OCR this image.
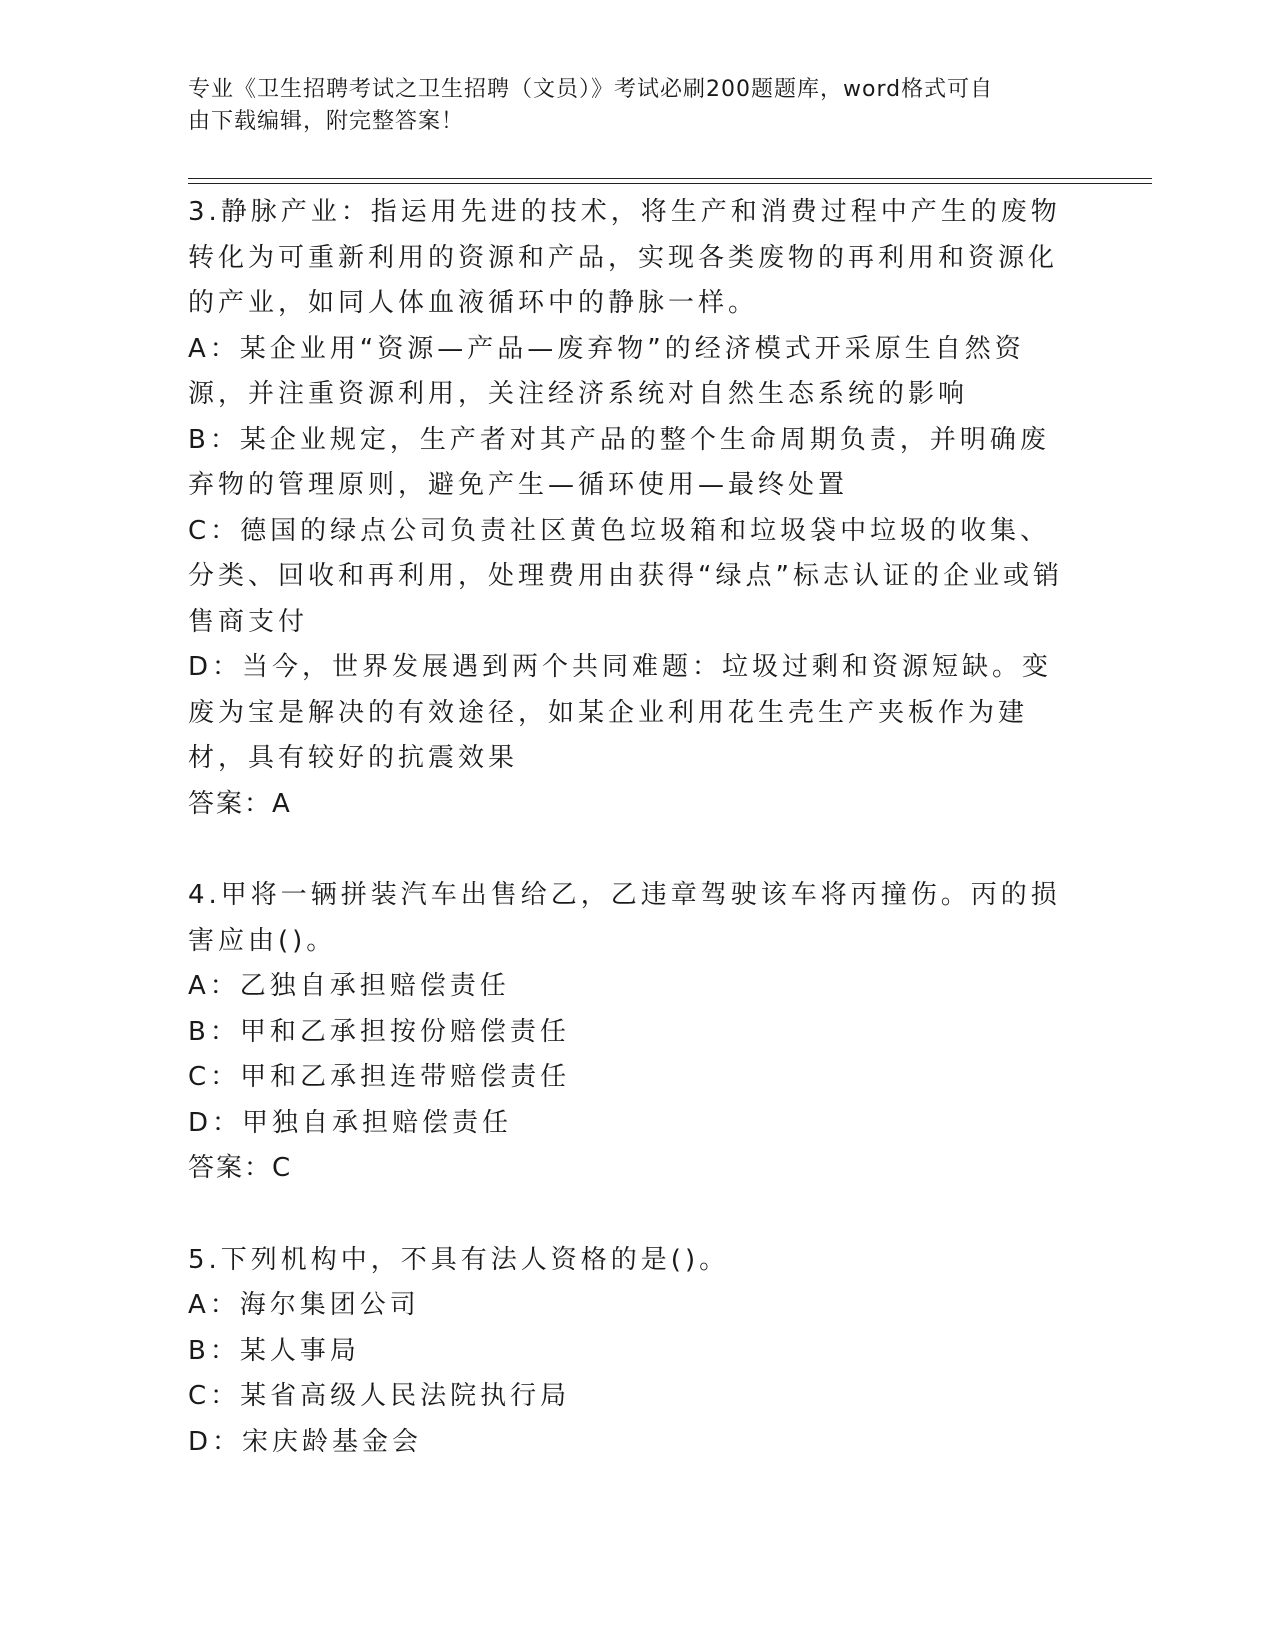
专业《卫生招聘考试之卫生招聘（文员）》考试必刷200题题库，word格式可自
由下载编辑，附完整答案！

3.静脉产业：指运用先进的技术，将生产和消费过程中产生的废物转化为可重新利用的资源和产品，实现各类废物的再利用和资源化的产业，如同人体血液循环中的静脉一样。

A：某企业用“资源—产品—废弃物”的经济模式开采原生自然资源，并注重资源利用，关注经济系统对自然生态系统的影响

B：某企业规定，生产者对其产品的整个生命周期负责，并明确废弃物的管理原则，避免产生—循环使用—最终处置

C：德国的绿点公司负责社区黄色垃圾箱和垃圾袋中垃圾的收集、分类、回收和再利用，处理费用由获得“绿点”标志认证的企业或销售商支付

D：当今，世界发展遇到两个共同难题：垃圾过剩和资源短缺。变废为宝是解决的有效途径，如某企业利用花生壳生产夹板作为建材，具有较好的抗震效果

答案：A

4.甲将一辆拼装汽车出售给乙，乙违章驾驶该车将丙撞伤。丙的损害应由()。

A：乙独自承担赔偿责任

B：甲和乙承担按份赔偿责任

C：甲和乙承担连带赔偿责任

D：甲独自承担赔偿责任

答案：C

5.下列机构中，不具有法人资格的是()。

A：海尔集团公司

B：某人事局

C：某省高级人民法院执行局

D：宋庆龄基金会
